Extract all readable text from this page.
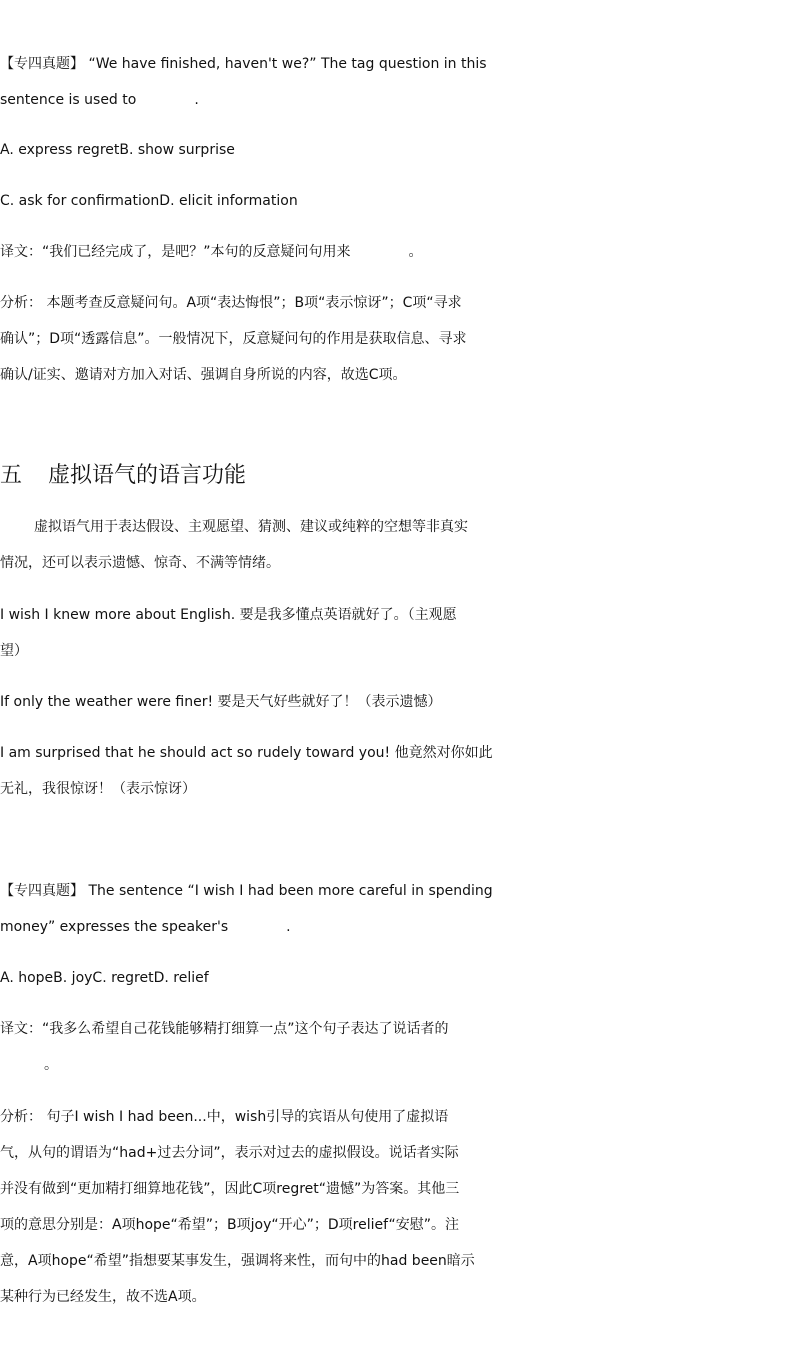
【专四真题】 “We have finished, haven't we?” The tag question in this
sentence is used to	.
A. express regretB. show surprise
C. ask for confirmationD. elicit information
译文：“我们已经完成了，是吧？”本句的反意疑问句用来	。
分析： 本题考查反意疑问句。A项“表达悔恨”；B项“表示惊讶”；C项“寻求
确认”；D项“透露信息”。一般情况下，反意疑问句的作用是获取信息、寻求
确认/证实、邀请对方加入对话、强调自身所说的内容，故选C项。
五 虚拟语气的语言功能
虚拟语气用于表达假设、主观愿望、猜测、建议或纯粹的空想等非真实
情况，还可以表示遗憾、惊奇、不满等情绪。
I wish I knew more about English. 要是我多懂点英语就好了。（主观愿
望）
If only the weather were finer! 要是天气好些就好了！（表示遗憾）
I am surprised that he should act so rudely toward you! 他竟然对你如此
无礼，我很惊讶！（表示惊讶）
【专四真题】 The sentence “I wish I had been more careful in spending
money” expresses the speaker's	.
A. hopeB. joyC. regretD. relief
译文：“我多么希望自己花钱能够精打细算一点”这个句子表达了说话者的
。
分析： 句子I wish I had been...中，wish引导的宾语从句使用了虚拟语
气，从句的谓语为“had+过去分词”，表示对过去的虚拟假设。说话者实际
并没有做到“更加精打细算地花钱”，因此C项regret“遗憾”为答案。其他三
项的意思分别是：A项hope“希望”；B项joy“开心”；D项relief“安慰”。注
意，A项hope“希望”指想要某事发生，强调将来性，而句中的had been暗示
某种行为已经发生，故不选A项。
